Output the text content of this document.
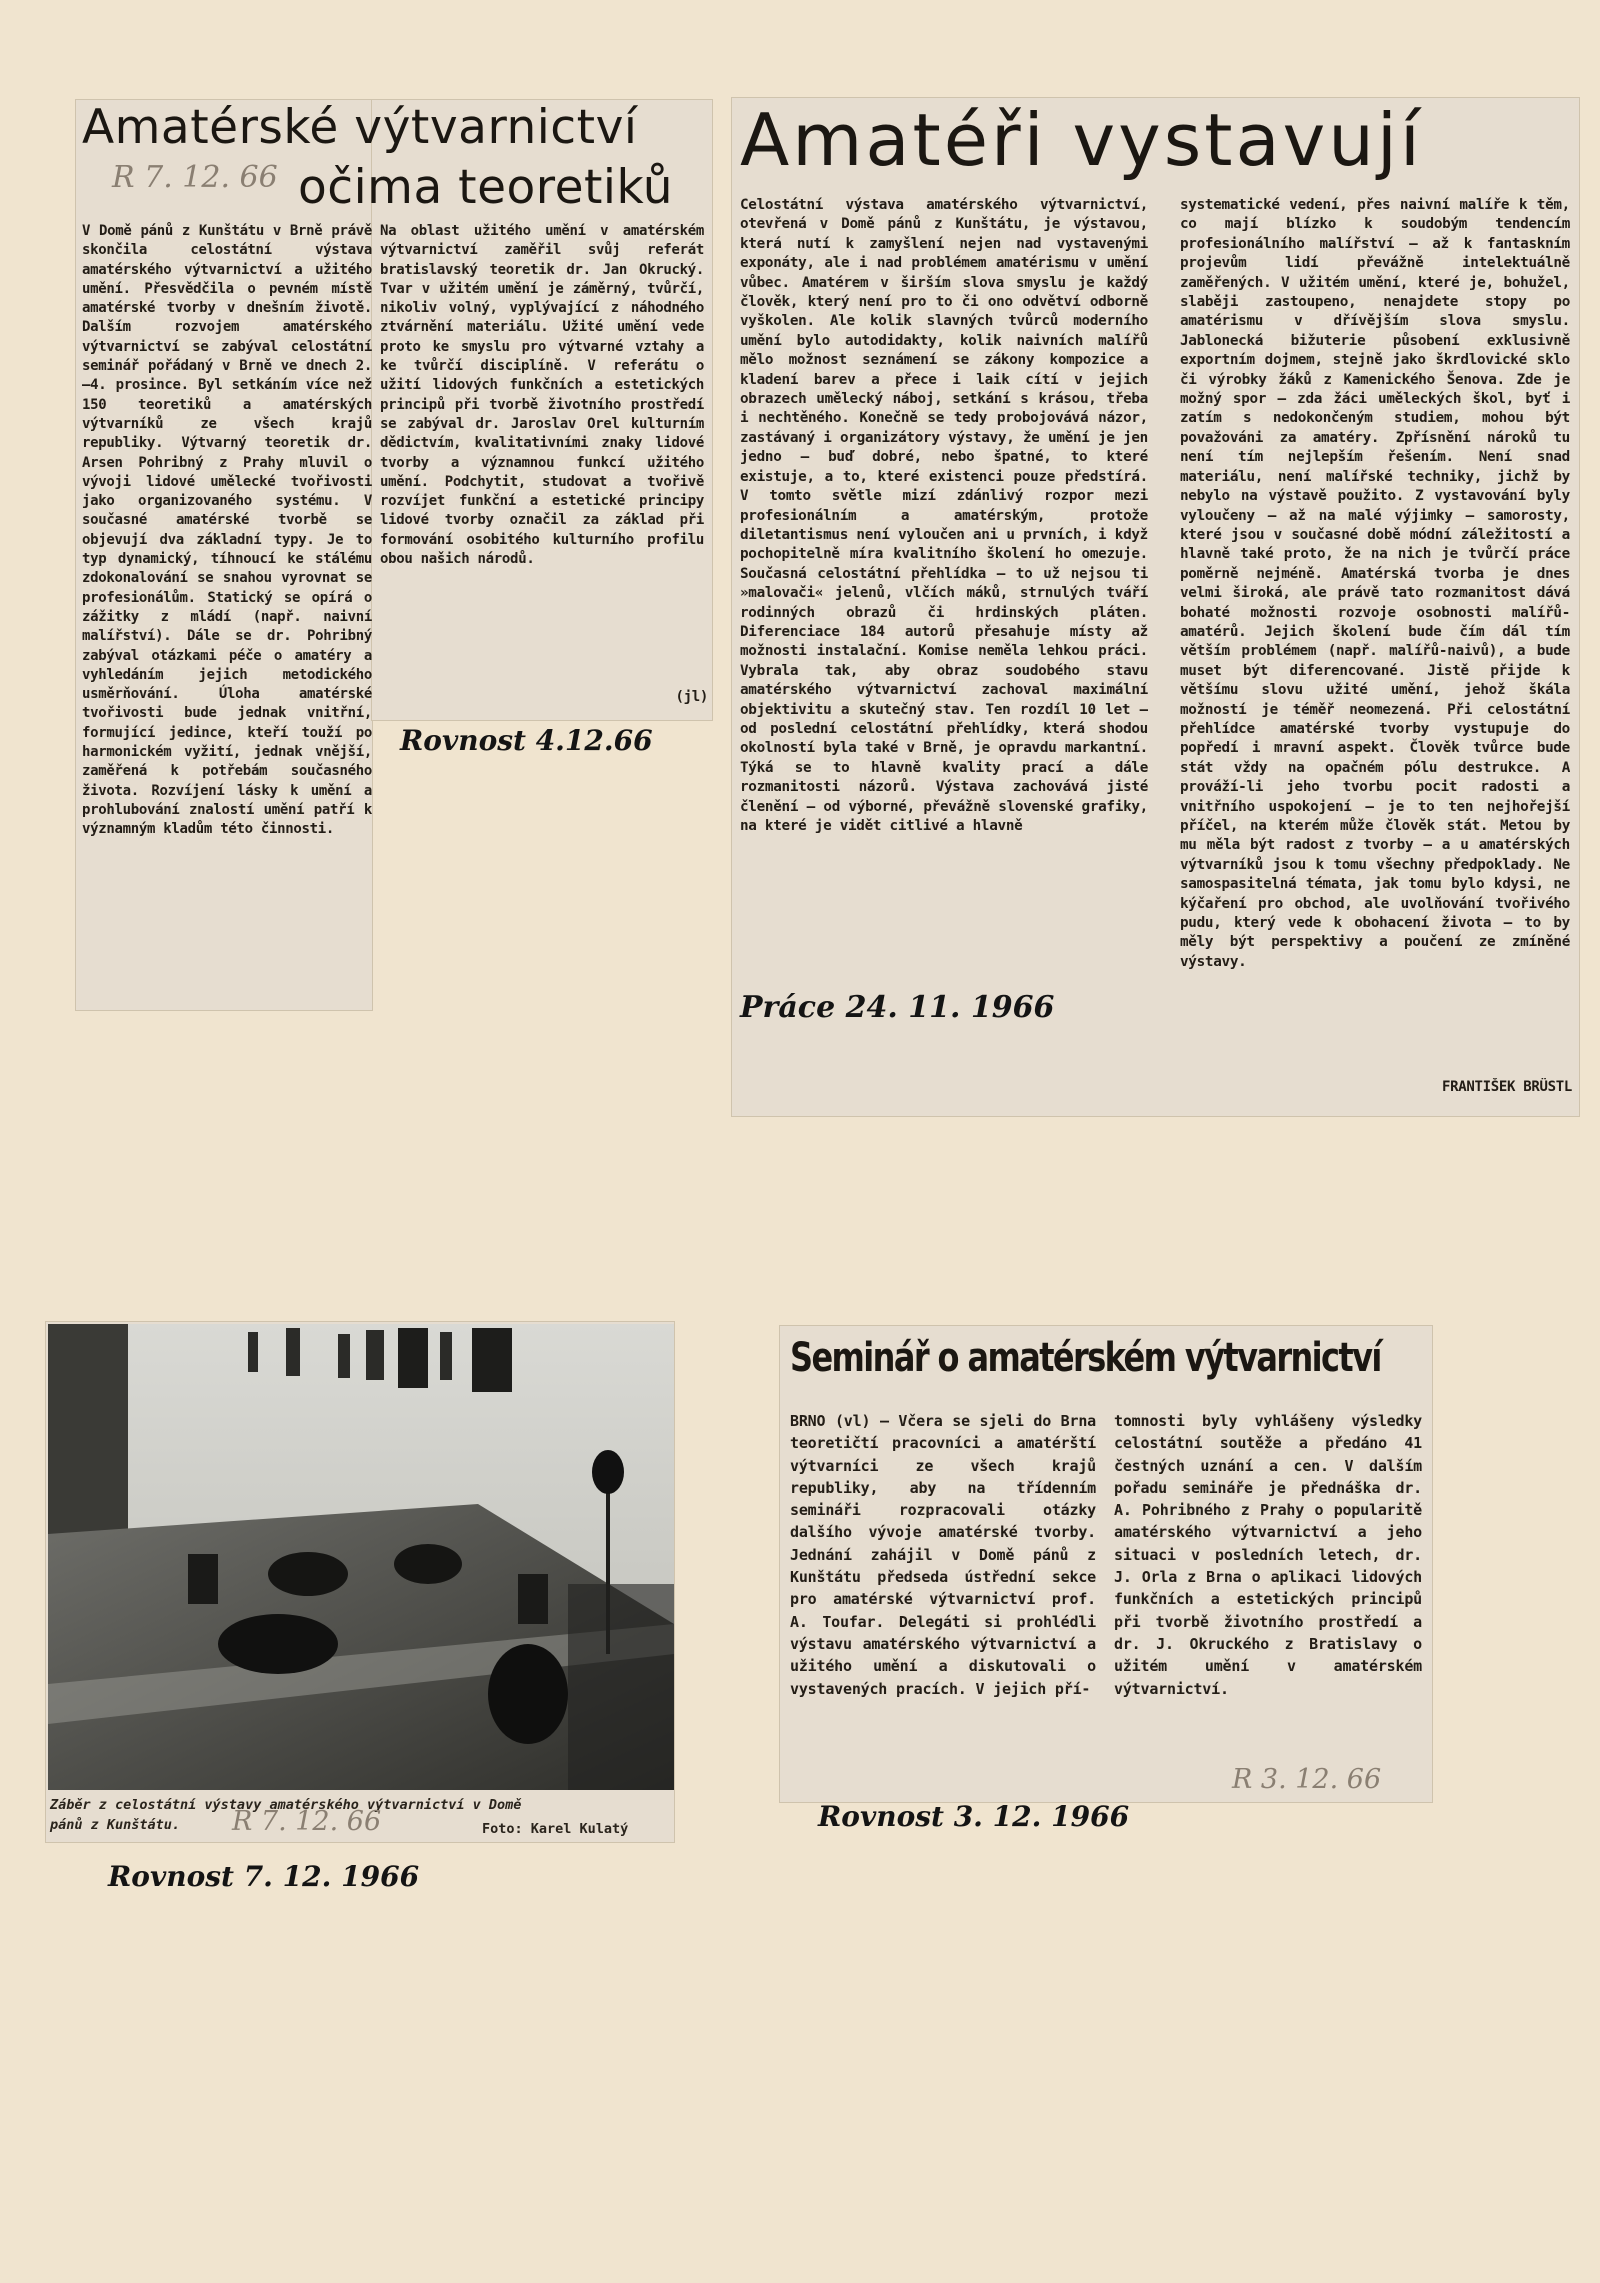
Amatérské výtvarnictví
R 7. 12. 66 očima teoretiků
V Domě pánů z Kunštátu v Brně právě skončila celostátní výstava amatérského výtvarnictví a užitého umění. Přesvědčila o pevném místě amatérské tvorby v dnešním životě. Dalším rozvojem amatérského výtvarnictví se zabýval celostátní seminář pořádaný v Brně ve dnech 2.—4. prosince. Byl setkáním více než 150 teoretiků a amatérských výtvarníků ze všech krajů republiky. Výtvarný teoretik dr. Arsen Pohribný z Prahy mluvil o vývoji lidové umělecké tvořivosti jako organizovaného systému. V současné amatérské tvorbě se objevují dva základní typy. Je to typ dynamický, tíhnoucí ke stálému zdokonalování se snahou vyrovnat se profesionálům. Statický se opírá o zážitky z mládí (např. naivní malířství). Dále se dr. Pohribný zabýval otázkami péče o amatéry a vyhledáním jejich metodického usměrňování. Úloha amatérské tvořivosti bude jednak vnitřní, formující jedince, kteří touží po harmonickém vyžití, jednak vnější, zaměřená k potřebám současného života. Rozvíjení lásky k umění a prohlubování znalostí umění patří k významným kladům této činnosti.
Na oblast užitého umění v amatérském výtvarnictví zaměřil svůj referát bratislavský teoretik dr. Jan Okrucký. Tvar v užitém umění je záměrný, tvůrčí, nikoliv volný, vyplývající z náhodného ztvárnění materiálu. Užité umění vede proto ke smyslu pro výtvarné vztahy a ke tvůrčí disciplíně. V referátu o užití lidových funkčních a estetických principů při tvorbě životního prostředí se zabýval dr. Jaroslav Orel kulturním dědictvím, kvalitativními znaky lidové tvorby a významnou funkcí užitého umění. Podchytit, studovat a tvořivě rozvíjet funkční a estetické principy lidové tvorby označil za základ při formování osobitého kulturního profilu obou našich národů.
(jl)
Rovnost 4.12.66
Amatéři vystavují
Celostátní výstava amatérského výtvarnictví, otevřená v Domě pánů z Kunštátu, je výstavou, která nutí k zamyšlení nejen nad vystavenými exponáty, ale i nad problémem amatérismu v umění vůbec. Amatérem v širším slova smyslu je každý člověk, který není pro to či ono odvětví odborně vyškolen. Ale kolik slavných tvůrců moderního umění bylo autodidakty, kolik naivních malířů mělo možnost seznámení se zákony kompozice a kladení barev a přece i laik cítí v jejich obrazech umělecký náboj, setkání s krásou, třeba i nechtěného. Konečně se tedy probojovává názor, zastávaný i organizátory výstavy, že umění je jen jedno — buď dobré, nebo špatné, to které existuje, a to, které existenci pouze předstírá. V tomto světle mizí zdánlivý rozpor mezi profesionálním a amatérským, protože diletantismus není vyloučen ani u prvních, i když pochopitelně míra kvalitního školení ho omezuje. Současná celostátní přehlídka — to už nejsou ti »malovači« jelenů, vlčích máků, strnulých tváří rodinných obrazů či hrdinských pláten. Diferenciace 184 autorů přesahuje místy až možnosti instalační. Komise neměla lehkou práci. Vybrala tak, aby obraz soudobého stavu amatérského výtvarnictví zachoval maximální objektivitu a skutečný stav. Ten rozdíl 10 let — od poslední celostátní přehlídky, která shodou okolností byla také v Brně, je opravdu markantní. Týká se to hlavně kvality prací a dále rozmanitosti názorů. Výstava zachovává jisté členění — od výborné, převážně slovenské grafiky, na které je vidět citlivé a hlavně
systematické vedení, přes naivní malíře k těm, co mají blízko k soudobým tendencím profesionálního malířství — až k fantaskním projevům lidí převážně intelektuálně zaměřených. V užitém umění, které je, bohužel, slaběji zastoupeno, nenajdete stopy po amatérismu v dřívějším slova smyslu. Jablonecká bižuterie působení exklusivně exportním dojmem, stejně jako škrdlovické sklo či výrobky žáků z Kamenického Šenova. Zde je možný spor — zda žáci uměleckých škol, byť i zatím s nedokončeným studiem, mohou být považováni za amatéry. Zpřísnění nároků tu není tím nejlepším řešením. Není snad materiálu, není malířské techniky, jichž by nebylo na výstavě použito. Z vystavování byly vyloučeny — až na malé výjimky — samorosty, které jsou v současné době módní záležitostí a hlavně také proto, že na nich je tvůrčí práce poměrně nejméně. Amatérská tvorba je dnes velmi široká, ale právě tato rozmanitost dává bohaté možnosti rozvoje osobnosti malířů-amatérů. Jejich školení bude čím dál tím větším problémem (např. malířů-naivů), a bude muset být diferencované. Jistě přijde k většímu slovu užité umění, jehož škála možností je téměř neomezená. Při celostátní přehlídce amatérské tvorby vystupuje do popředí i mravní aspekt. Člověk tvůrce bude stát vždy na opačném pólu destrukce. A prováží-li jeho tvorbu pocit radosti a vnitřního uspokojení — je to ten nejhořejší příčel, na kterém může člověk stát. Metou by mu měla být radost z tvorby — a u amatérských výtvarníků jsou k tomu všechny předpoklady. Ne samospasitelná témata, jak tomu bylo kdysi, ne kýčaření pro obchod, ale uvolňování tvořivého pudu, který vede k obohacení života — to by měly být perspektivy a poučení ze zmíněné výstavy.
FRANTIŠEK BRÜSTL
Práce 24. 11. 1966
Záběr z celostátní výstavy amatérského výtvarnictví v Domě
pánů z Kunštátu. R 7. 12. 66	Foto: Karel Kulatý
Rovnost 7. 12. 1966
Seminář o amatérském výtvarnictví
BRNO (vl) — Včera se sjeli do Brna teoretičtí pracovníci a amatérští výtvarníci ze všech krajů republiky, aby na třídenním semináři rozpracovali otázky dalšího vývoje amatérské tvorby. Jednání zahájil v Domě pánů z Kunštátu předseda ústřední sekce pro amatérské výtvarnictví prof. A. Toufar. Delegáti si prohlédli výstavu amatérského výtvarnictví a užitého umění a diskutovali o vystavených pracích. V jejich pří-
tomnosti byly vyhlášeny výsledky celostátní soutěže a předáno 41 čestných uznání a cen. V dalším pořadu semináře je přednáška dr. A. Pohribného z Prahy o popularitě amatérského výtvarnictví a jeho situaci v posledních letech, dr. J. Orla z Brna o aplikaci lidových funkčních a estetických principů při tvorbě životního prostředí a dr. J. Okruckého z Bratislavy o užitém umění v amatérském výtvarnictví.
R 3. 12. 66
Rovnost 3. 12. 1966
